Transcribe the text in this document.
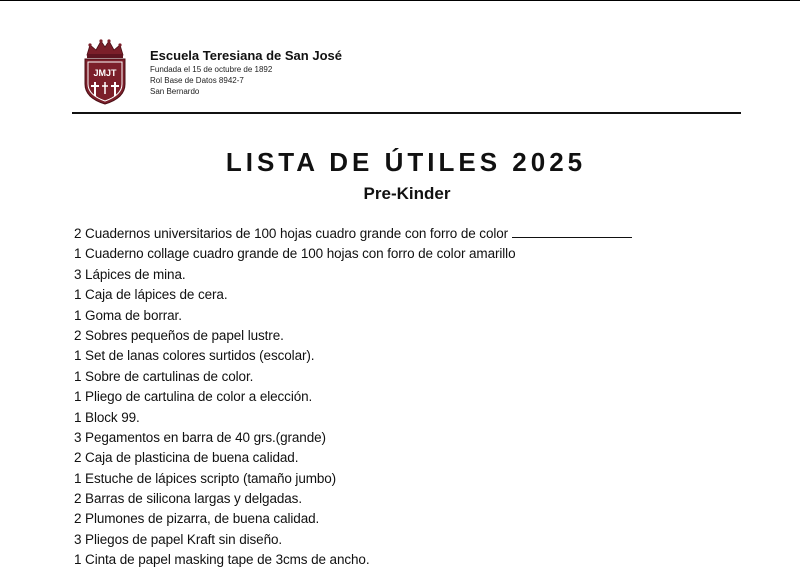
JMJT
Escuela Teresiana de San José
Fundada el 15 de octubre de 1892
Rol Base de Datos 8942-7
San Bernardo
LISTA DE ÚTILES 2025
Pre-Kinder
2 Cuadernos universitarios de 100 hojas cuadro grande con forro de color
1 Cuaderno collage cuadro grande de 100 hojas con forro de color amarillo
3 Lápices de mina.
1 Caja de lápices de cera.
1 Goma de borrar.
2 Sobres pequeños de papel lustre.
1 Set de lanas colores surtidos (escolar).
1 Sobre de cartulinas de color.
1 Pliego de cartulina de color a elección.
1 Block 99.
3 Pegamentos en barra de 40 grs.(grande)
2 Caja de plasticina de buena calidad.
1 Estuche de lápices scripto (tamaño jumbo)
2 Barras de silicona largas y delgadas.
2 Plumones de pizarra, de buena calidad.
3 Pliegos de papel Kraft sin diseño.
1 Cinta de papel masking tape de 3cms de ancho.
